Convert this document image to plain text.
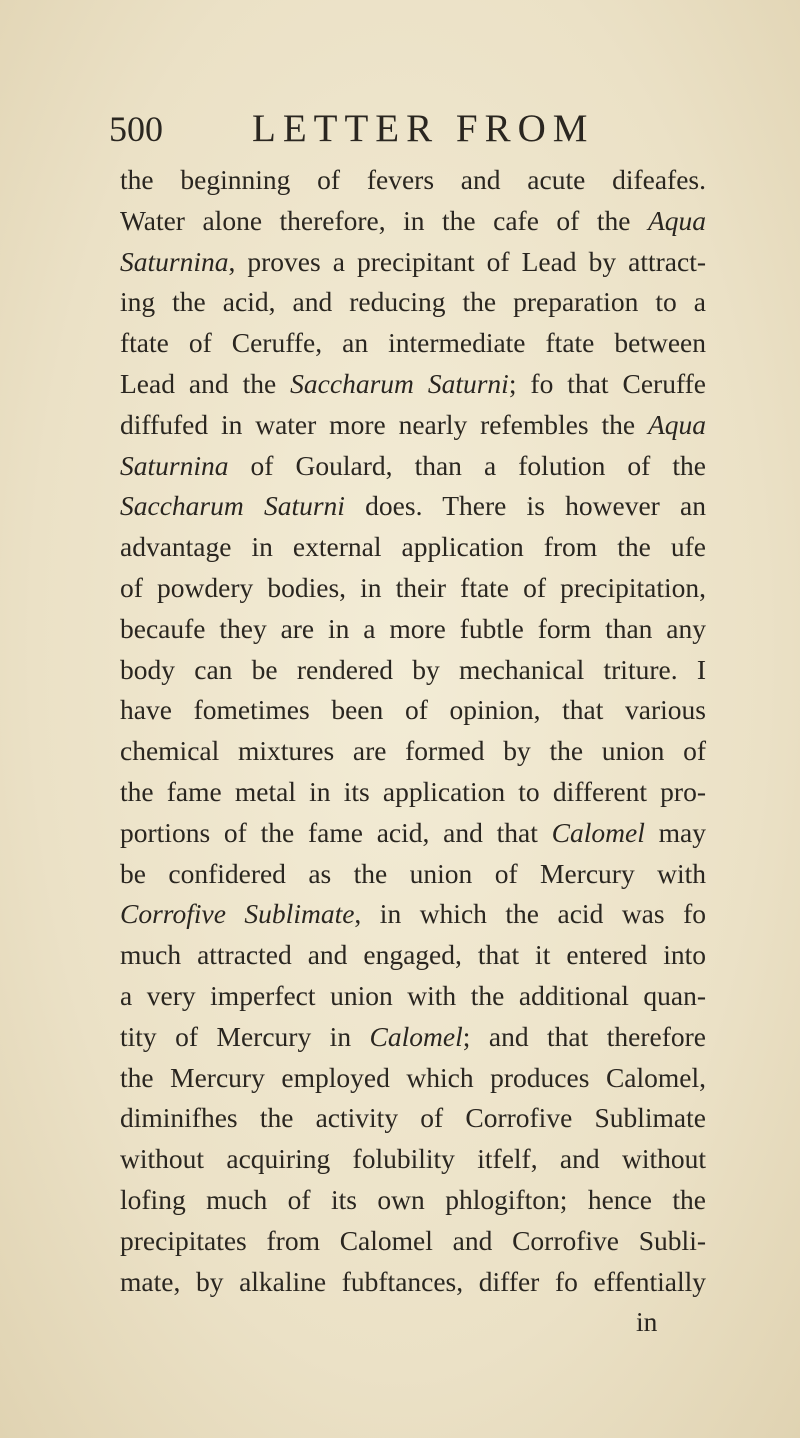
500 LETTER FROM
the beginning of fevers and acute difeafes.
Water alone therefore, in the cafe of the Aqua
Saturnina, proves a precipitant of Lead by attract-
ing the acid, and reducing the preparation to a
ftate of Ceruffe, an intermediate ftate between
Lead and the Saccharum Saturni; fo that Ceruffe
diffufed in water more nearly refembles the Aqua
Saturnina of Goulard, than a folution of the
Saccharum Saturni does. There is however an
advantage in external application from the ufe
of powdery bodies, in their ftate of precipitation,
becaufe they are in a more fubtle form than any
body can be rendered by mechanical triture. I
have fometimes been of opinion, that various
chemical mixtures are formed by the union of
the fame metal in its application to different pro-
portions of the fame acid, and that Calomel may
be confidered as the union of Mercury with
Corrofive Sublimate, in which the acid was fo
much attracted and engaged, that it entered into
a very imperfect union with the additional quan-
tity of Mercury in Calomel; and that therefore
the Mercury employed which produces Calomel,
diminifhes the activity of Corrofive Sublimate
without acquiring folubility itfelf, and without
lofing much of its own phlogifton; hence the
precipitates from Calomel and Corrofive Subli-
mate, by alkaline fubftances, differ fo effentially
in
